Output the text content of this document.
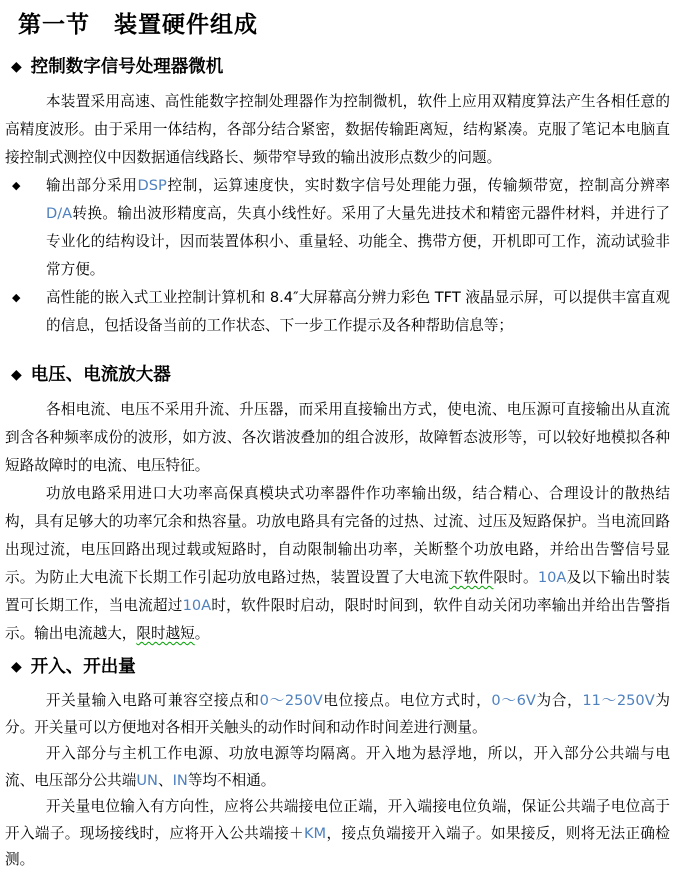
第一节　装置硬件组成
◆ 控制数字信号处理器微机

本装置采用高速、高性能数字控制处理器作为控制微机，软件上应用双精度算法产生各相任意的高精度波形。由于采用一体结构，各部分结合紧密，数据传输距离短，结构紧凑。克服了笔记本电脑直接控制式测控仪中因数据通信线路长、频带窄导致的输出波形点数少的问题。

◆ 输出部分采用DSP控制，运算速度快，实时数字信号处理能力强，传输频带宽，控制高分辨率D/A转换。输出波形精度高，失真小线性好。采用了大量先进技术和精密元器件材料，并进行了专业化的结构设计，因而装置体积小、重量轻、功能全、携带方便，开机即可工作，流动试验非常方便。
◆ 高性能的嵌入式工业控制计算机和 8.4″大屏幕高分辨力彩色 TFT 液晶显示屏，可以提供丰富直观的信息，包括设备当前的工作状态、下一步工作提示及各种帮助信息等；
◆ 电压、电流放大器

各相电流、电压不采用升流、升压器，而采用直接输出方式，使电流、电压源可直接输出从直流到含各种频率成份的波形，如方波、各次谐波叠加的组合波形，故障暂态波形等，可以较好地模拟各种短路故障时的电流、电压特征。

功放电路采用进口大功率高保真模块式功率器件作功率输出级，结合精心、合理设计的散热结构，具有足够大的功率冗余和热容量。功放电路具有完备的过热、过流、过压及短路保护。当电流回路出现过流，电压回路出现过载或短路时，自动限制输出功率，关断整个功放电路，并给出告警信号显示。为防止大电流下长期工作引起功放电路过热，装置设置了大电流下软件限时。10A及以下输出时装置可长期工作，当电流超过10A时，软件限时启动，限时时间到，软件自动关闭功率输出并给出告警指示。输出电流越大，限时越短。

◆ 开入、开出量

开关量输入电路可兼容空接点和0～250V电位接点。电位方式时，0～6V为合，11～250V为分。开关量可以方便地对各相开关触头的动作时间和动作时间差进行测量。

开入部分与主机工作电源、功放电源等均隔离。开入地为悬浮地，所以，开入部分公共端与电流、电压部分公共端UN、IN等均不相通。

开关量电位输入有方向性，应将公共端接电位正端，开入端接电位负端，保证公共端子电位高于开入端子。现场接线时，应将开入公共端接＋KM，接点负端接开入端子。如果接反，则将无法正确检测。
